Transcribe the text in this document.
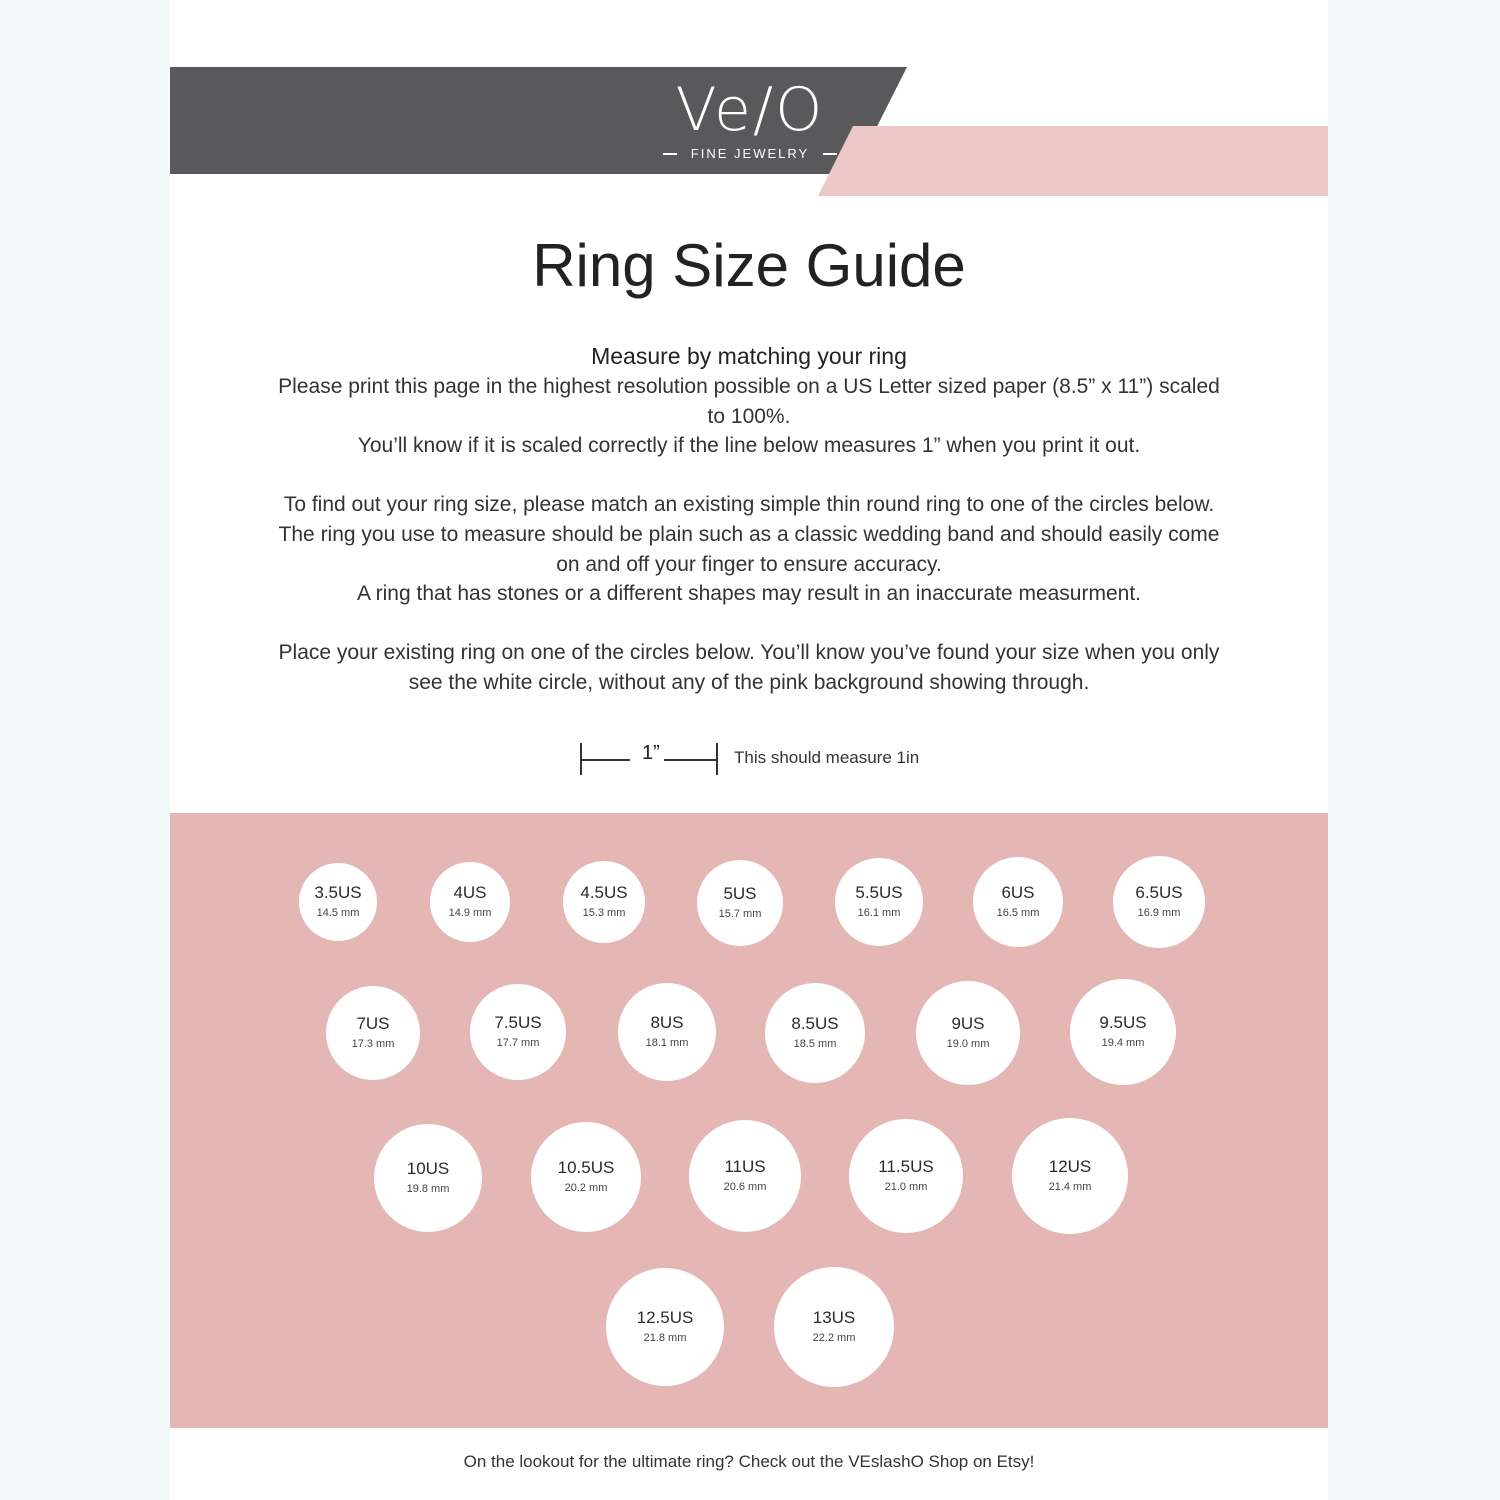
Ve/O
FINE JEWELRY
Ring Size Guide

Measure by matching your ring

Please print this page in the highest resolution possible on a US Letter sized paper (8.5” x 11”) scaled to 100%.

You’ll know if it is scaled correctly if the line below measures 1” when you print it out.

To find out your ring size, please match an existing simple thin round ring to one of the circles below. The ring you use to measure should be plain such as a classic wedding band and should easily come on and off your finger to ensure accuracy.

A ring that has stones or a different shapes may result in an inaccurate measurment.

Place your existing ring on one of the circles below. You’ll know you’ve found your size when you only see the white circle, without any of the pink background showing through.

1”	This should measure 1in
3.5US
14.5 mm
4US
14.9 mm
4.5US
15.3 mm
5US
15.7 mm
5.5US
16.1 mm
6US
16.5 mm
6.5US
16.9 mm
7US
17.3 mm
7.5US
17.7 mm
8US
18.1 mm
8.5US
18.5 mm
9US
19.0 mm
9.5US
19.4 mm
10US
19.8 mm
10.5US
20.2 mm
11US
20.6 mm
11.5US
21.0 mm
12US
21.4 mm
12.5US
21.8 mm
13US
22.2 mm
On the lookout for the ultimate ring? Check out the VEslashO Shop on Etsy!
